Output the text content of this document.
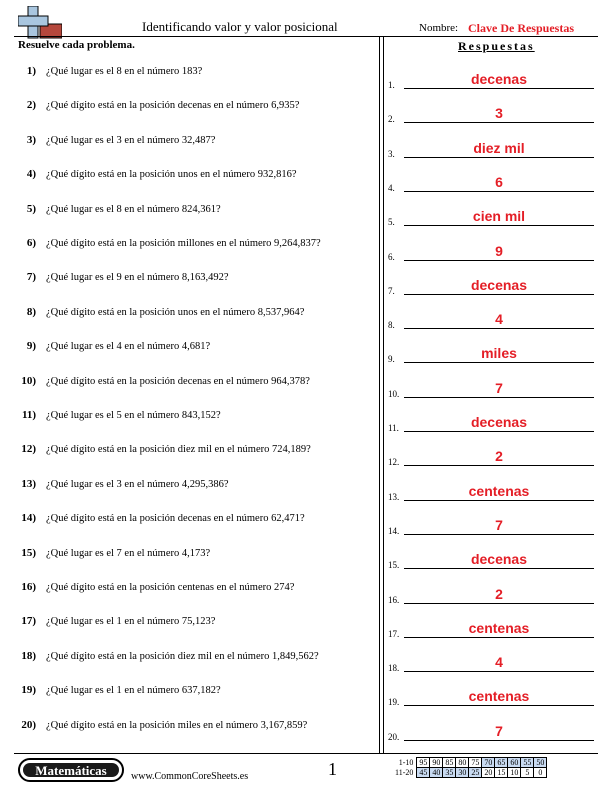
Identificando valor y valor posicional	Nombre: Clave De Respuestas
Resuelve cada problema.	Respuestas
1) ¿Qué lugar es el 8 en el número 183?
2) ¿Qué dígito está en la posición decenas en el número 6,935?
3) ¿Qué lugar es el 3 en el número 32,487?
4) ¿Qué dígito está en la posición unos en el número 932,816?
5) ¿Qué lugar es el 8 en el número 824,361?
6) ¿Qué dígito está en la posición millones en el número 9,264,837?
7) ¿Qué lugar es el 9 en el número 8,163,492?
8) ¿Qué dígito está en la posición unos en el número 8,537,964?
9) ¿Qué lugar es el 4 en el número 4,681?
10) ¿Qué dígito está en la posición decenas en el número 964,378?
11) ¿Qué lugar es el 5 en el número 843,152?
12) ¿Qué dígito está en la posición diez mil en el número 724,189?
13) ¿Qué lugar es el 3 en el número 4,295,386?
14) ¿Qué dígito está en la posición decenas en el número 62,471?
15) ¿Qué lugar es el 7 en el número 4,173?
16) ¿Qué dígito está en la posición centenas en el número 274?
17) ¿Qué lugar es el 1 en el número 75,123?
18) ¿Qué dígito está en la posición diez mil en el número 1,849,562?
19) ¿Qué lugar es el 1 en el número 637,182?
20) ¿Qué dígito está en la posición miles en el número 3,167,859?
1.	decenas
2.	3
3.	diez mil
4.	6
5.	cien mil
6.	9
7.	decenas
8.	4
9.	miles
10.	7
11.	decenas
12.	2
13.	centenas
14.	7
15.	decenas
16.	2
17.	centenas
18.	4
19.	centenas
20.	7
Matemáticas	www.CommonCoreSheets.es	1	1-10	95	90	85	80	75	70	65	60	55	50
11-20	45	40	35	30	25	20	15	10	5	0
